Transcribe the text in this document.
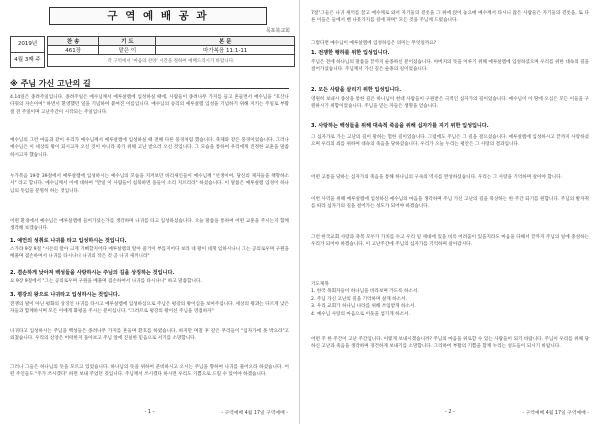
구 역 예 배 공 과
목포북교회
2019년
4월 3째 주
찬 송	기 도	본 문
461장	맡은 이	마가복음 11:1-11
각 구역에서 '마음의 찬양' 시간을 정하여 예배드리시기 바랍니다.		
※ 주님 가신 고난의 길
4.14일은 종려주일입니다. 종려주일은 예수님께서 예루살렘에 입성하실 때에, 사람들이 종려나무 가지를 들고 흔들면서 예수님을 "호산나 다윗의 자손이여" 하면서 환영했던 일을 기념하여 붙여진 이름입니다. 예수님의 승리의 예루살렘 입성을 기념하기 위해 지키는 주일로 부활절 전 주일이며 고난주간이 시작되는 주일입니다.
예수님의 그런 마음과 같이 우리가 예수님께서 예루살렘에 입성하실 때 전해 다른 풍경처럼 했습니다. 축제와 같은 풍경이었습니다. 그러나 예수님은 이 세상의 왕이 되시고자 오신 것이 아니라 죽기 위해 고난 받으러 오신 것입니다. 그 모습을 통하여 우리에게 진정한 교훈을 말씀하시고자 했습니다.
누가복음 19장 39절에서 예루살렘에 입성하시는 예수님의 모습을 지켜보던 바리새인들이 예수님께 "선생이여, 당신의 제자들을 책망하소서" 라고 합니다. 예수님께서 이에 대하여 "만일 이 사람들이 침묵하면 돌들이 소리 지르리라" 하셨습니다. 이 말씀은 예루살렘 입성이 하나님의 뜻임을 분명히 하는 것입니다.
어떤 환경에서 예수님은 예루살렘에 들어가셨는가를 생각하며 나귀를 타고 입성하셨습니다. 오늘 말씀을 통하여 어떤 교훈을 주시는지 함께 생각해 보겠습니다.
1. 예언의 성취로 나귀를 타고 입성하시는 것입니다.
스가랴 9장 9절 "시온의 딸아 크게 기뻐할지어다 예루살렘의 딸아 즐거이 부를지어다 보라 네 왕이 네게 임하시나니 그는 공의로우며 구원을 베풀며 겸손하여서 나귀를 타시나니 나귀의 작은 것 곧 나귀 새끼니라"
2. 겸손하게 낮아져 백성들을 사랑하시는 주님의 길을 상징하는 것입니다.
요 9장 9절에서 "그는 공의로우며 구원을 베풀며 겸손하여서 나귀를 타시나니" 하고 말씀합니다.
3. 평강의 왕으로 나귀타고 입성하시는 것입니다.
전쟁의 말이 아닌 평화의 상징인 나귀를 타시고 예루살렘에 입성하심으로 주님은 평강의 왕이심을 보여주십니다. 세상의 왕과는 다르게 낮은 자들과 함께하시며 모든 이에게 화평을 주시는 분이십니다. "그러므로 평강의 왕이신 주님을 영접하자"
나귀타고 입성하시는 주님을 백성들은 종려나무 가지를 흔들며 환호를 하였습니다. 하지만 며칠 후 같은 무리들이 "십자가에 못 박으라"고 외쳤습니다. 우리의 신앙은 어떠한지 돌아보고 주님 앞에 진실한 믿음으로 서기를 소망합니다.
그러나 그들은 하나님의 뜻을 모르고 있었습니다. 하나님의 뜻을 위하여 준비하시고 오시는 주님을 향하여 나귀를 풀어오라 하셨습니다. 어떤 주인들도 "주가 쓰시겠다" 하면 보내 주었던 것입니다. 주님께서 쓰시겠다 하시면 우리도 기쁨으로 드릴 수 있어야 하겠습니다.
- 1 -	- 구역예배 4월 17일 구역예배 -
7절"그들은 나귀 새끼를 끌고 예수께로 와서 자기들의 겉옷을 그 위에 얹어 놓으매 예수께서 타시니 많은 사람들은 자기들의 겉옷을, 또 다른 이들은 들에서 벤 나뭇가지를 길에 펴며" 모든 것을 주님께 드렸습니다.
그렇다면 예수님이 예루살렘에 입성하심은 의미는 무엇일까요?
1. 전쟁한 행하를 위한 입성입니다.
주님은 전에 하나님의 말씀을 끝까지 순종하신 분이셨습니다. 아버지의 뜻을 이루기 위해 예루살렘에 입성하셨으며 우리를 위한 대속의 길을 걸어가셨습니다. 주님께서 가신 길은 순종의 길이었습니다.
2. 모든 사람을 살리기 위한 입성입니다.
영원히 보내시 종상을 통한 길은 하나님이 천대 사람들이 구원받은 극적인 십자가의 길이었습니다. 예수님이 이 땅에 오심은 모든 이들을 구원하시기 위함이었습니다. 주님을 믿는 자들은 생명을 얻습니다.
3. 사랑하는 백성들을 위해 대속적 죽음을 위해 십자가를 지기 위한 입성입니다.
그 십자가로 가는 고난의 길이 말하는 험한 길이었습니다. 그럼에도 주님은 그 길을 걸으셨습니다. 예루살렘에 입성하시고 끝까지 사랑하셨으며 우리의 죄를 위하여 대속의 죽음을 당하셨습니다. 우리가 오늘 누리는 평안은 그 사랑의 결과입니다.
어떤 고통을 당하는 십자가의 죽음을 통해 하나님의 구속의 역사를 완성하셨습니다. 우리는 그 사랑을 기억하며 살아야 합니다.
이번 사역을 위해 예루살렘에 입성하신 예수님의 마음을 생각하며 주님 가신 고난의 길을 묵상하는 한 주간 되기를 원합니다. 주님의 발자취를 따라 십자가의 길을 걸어가는 성도가 되어야 하겠습니다.
그런 한국교회 사랑과 축복 모두가 가치를 두고 우리 일 세대에 있을 비록 어려움이 있을지라도 마음을 다해서 끝까지 주님의 일에 충성하는 우리가 되어야 하겠습니다. 이 고난주간에 주님의 십자가를 기억하며 살아갑시다.
기도제목
1. 한국 목회자들이 하나님을 바라보며 가도록 하소서.
2. 주님 가신 고난의 길을 기억하며 살게 하소서.
3. 우리 교회가 하나님 나라를 위해 쓰임받게 하소서.
4. 예수님 사랑의 마음으로 이웃을 섬기게 하소서.
어떤 주 한 주간이 고난 주간입니다. 이렇게 보내시겠습니까? 주님의 마음을 위로할 수 있는 사람들이 되기 바랍니다. 주님이 우리를 위해 당하신 고난과 죽음을 생각하며 경건하게 보내기를 소망합니다. 그리하여 부활의 기쁨을 함께 누리는 성도들이 되시기 바랍니다.
- 2 -	- 구역예배 4월 17일 구역예배 -
